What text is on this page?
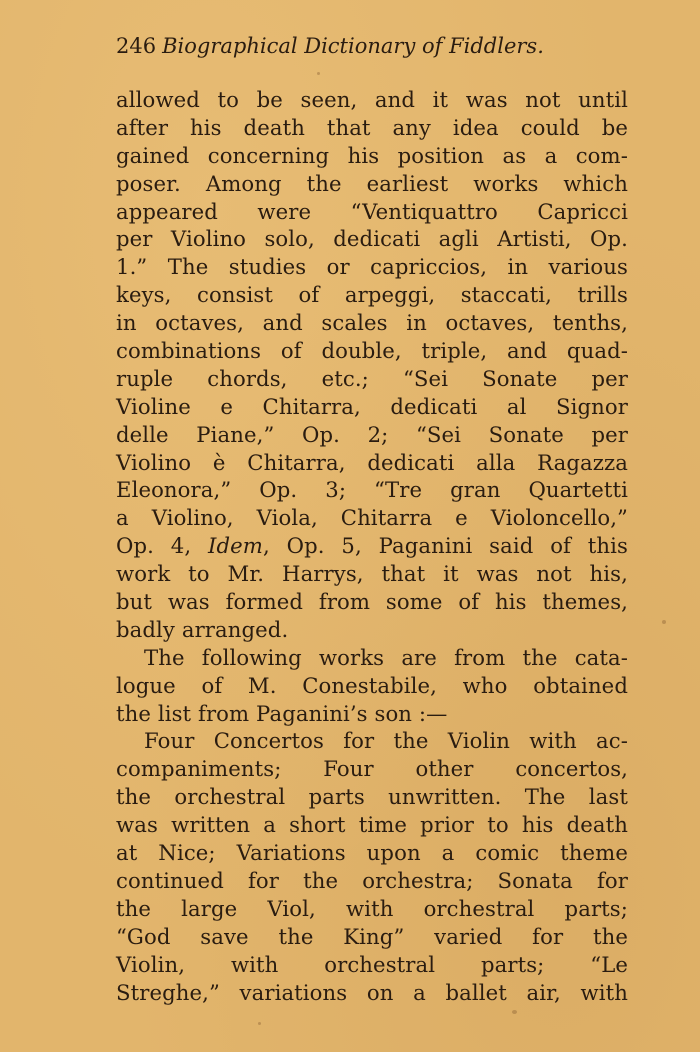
246 Biographical Dictionary of Fiddlers.
allowed to be seen, and it was not until
after his death that any idea could be
gained concerning his position as a com-
poser. Among the earliest works which
appeared were “Ventiquattro Capricci
per Violino solo, dedicati agli Artisti, Op.
1.” The studies or capriccios, in various
keys, consist of arpeggi, staccati, trills
in octaves, and scales in octaves, tenths,
combinations of double, triple, and quad-
ruple chords, etc.; “Sei Sonate per
Violine e Chitarra, dedicati al Signor
delle Piane,” Op. 2; “Sei Sonate per
Violino è Chitarra, dedicati alla Ragazza
Eleonora,” Op. 3; “Tre gran Quartetti
a Violino, Viola, Chitarra e Violoncello,”
Op. 4, Idem, Op. 5, Paganini said of this
work to Mr. Harrys, that it was not his,
but was formed from some of his themes,
badly arranged.
The following works are from the cata-
logue of M. Conestabile, who obtained
the list from Paganini’s son :—
Four Concertos for the Violin with ac-
companiments; Four other concertos,
the orchestral parts unwritten. The last
was written a short time prior to his death
at Nice; Variations upon a comic theme
continued for the orchestra; Sonata for
the large Viol, with orchestral parts;
“God save the King” varied for the
Violin, with orchestral parts; “Le
Streghe,” variations on a ballet air, with
